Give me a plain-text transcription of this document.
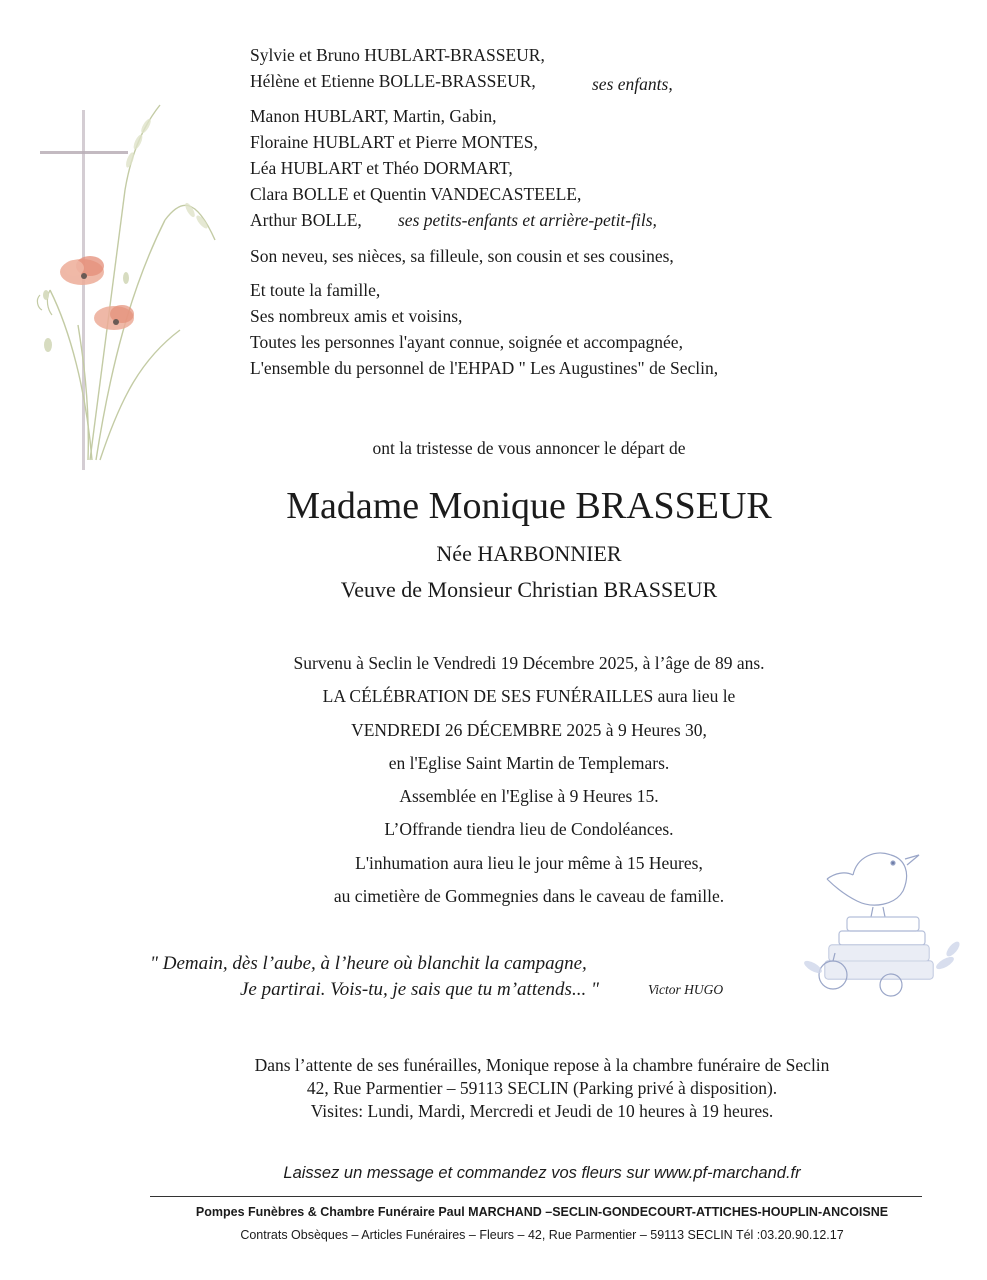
Sylvie et Bruno HUBLART-BRASSEUR,
Hélène et Etienne BOLLE-BRASSEUR,	ses enfants,
Manon HUBLART, Martin, Gabin,
Floraine HUBLART et Pierre MONTES,
Léa HUBLART et Théo DORMART,
Clara BOLLE et Quentin VANDECASTEELE,
Arthur BOLLE,	ses petits-enfants et arrière-petit-fils,
Son neveu, ses nièces, sa filleule, son cousin et ses cousines,
Et toute la famille,
Ses nombreux amis et voisins,
Toutes les personnes l'ayant connue, soignée et accompagnée,
L'ensemble du personnel de l'EHPAD " Les Augustines" de Seclin,
ont la tristesse de vous annoncer le départ de
Madame Monique BRASSEUR
Née HARBONNIER
Veuve de Monsieur Christian BRASSEUR
Survenu à Seclin le Vendredi 19 Décembre 2025, à l’âge de 89 ans.
LA CÉLÉBRATION DE SES FUNÉRAILLES aura lieu le
VENDREDI 26 DÉCEMBRE 2025 à 9 Heures 30,
en l'Eglise Saint Martin de Templemars.
Assemblée en l'Eglise à 9 Heures 15.
L’Offrande tiendra lieu de Condoléances.
L'inhumation aura lieu le jour même à 15 Heures,
au cimetière de Gommegnies dans le caveau de famille.
" Demain, dès l’aube, à l’heure où blanchit la campagne,
Je partirai. Vois-tu, je sais que tu m’attends... "	Victor HUGO
Dans l’attente de ses funérailles, Monique repose à la chambre funéraire de Seclin
42, Rue Parmentier – 59113 SECLIN (Parking privé à disposition).
Visites: Lundi, Mardi, Mercredi et Jeudi de 10 heures à 19 heures.
Laissez un message et commandez vos fleurs sur www.pf-marchand.fr
Pompes Funèbres & Chambre Funéraire Paul MARCHAND –SECLIN-GONDECOURT-ATTICHES-HOUPLIN-ANCOISNE
Contrats Obsèques – Articles Funéraires – Fleurs – 42, Rue Parmentier – 59113 SECLIN Tél :03.20.90.12.17
